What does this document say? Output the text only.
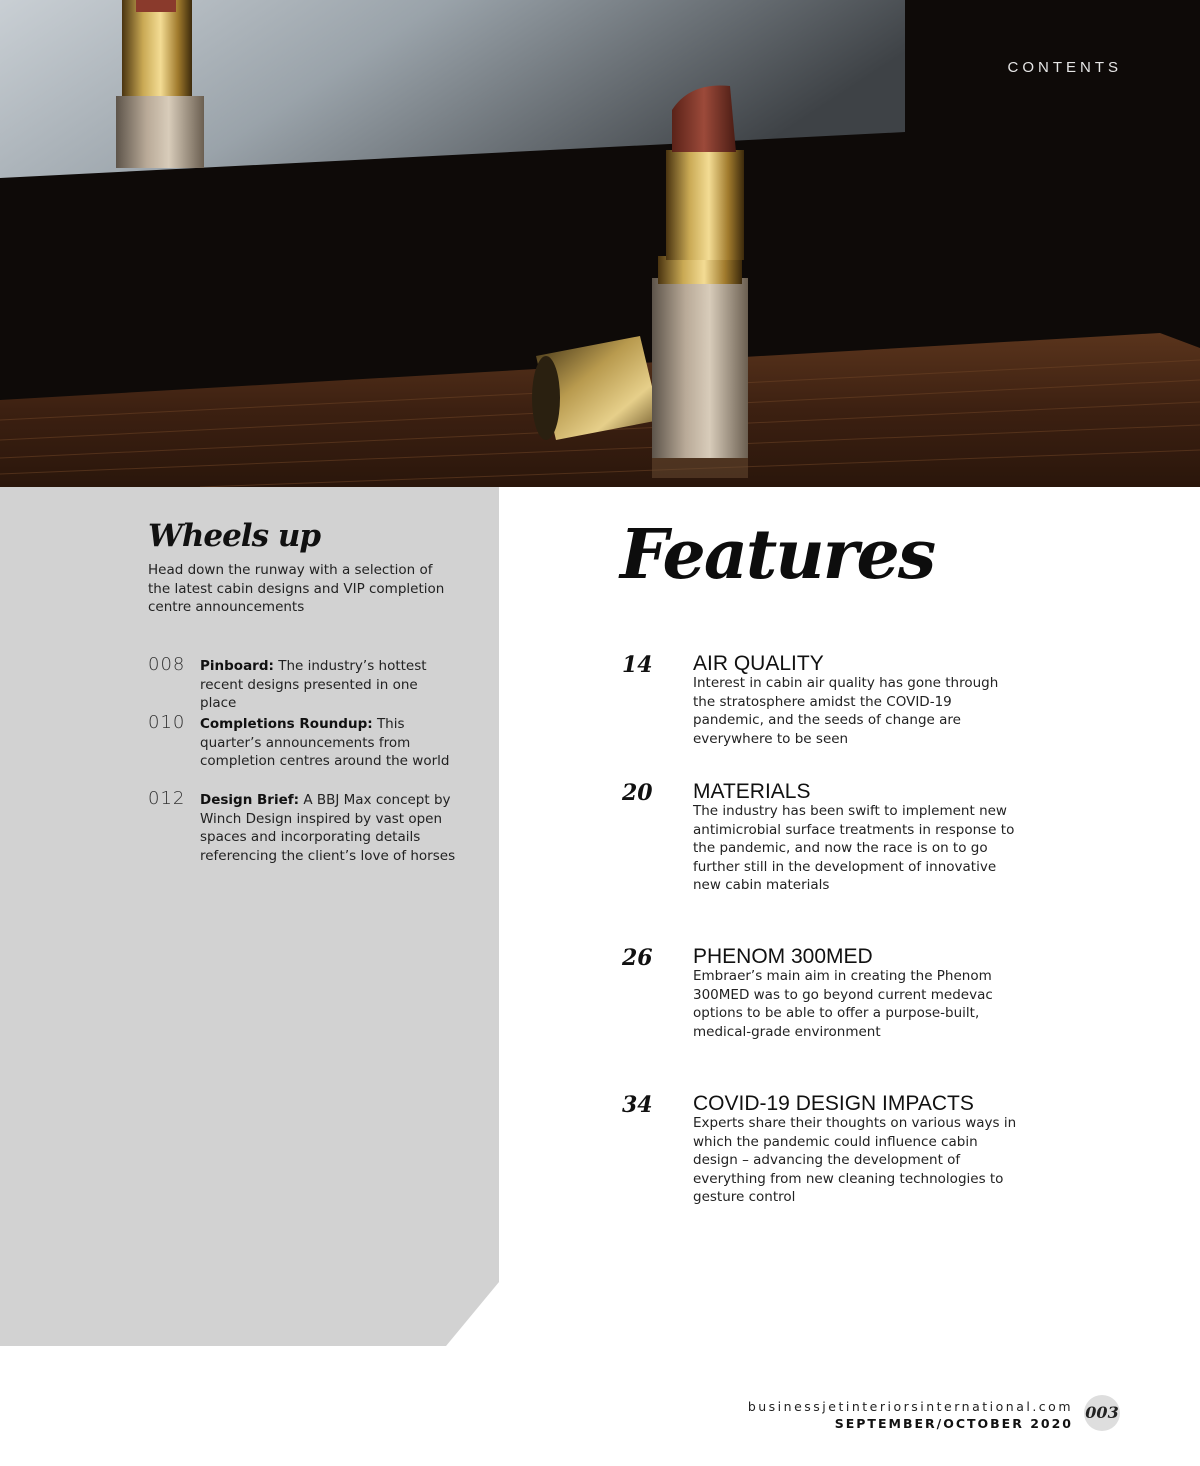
CONTENTS
Wheels up

Head down the runway with a selection of the latest cabin designs and VIP completion centre announcements

008 Pinboard: The industry’s hottest recent designs presented in one place

010 Completions Roundup: This quarter’s announcements from completion centres around the world

012 Design Brief: A BBJ Max concept by Winch Design inspired by vast open spaces and incorporating details referencing the client’s love of horses

Features
14 AIR QUALITY

Interest in cabin air quality has gone through the stratosphere amidst the COVID-19 pandemic, and the seeds of change are everywhere to be seen

20 MATERIALS

The industry has been swift to implement new antimicrobial surface treatments in response to the pandemic, and now the race is on to go further still in the development of innovative new cabin materials

26 PHENOM 300MED

Embraer’s main aim in creating the Phenom 300MED was to go beyond current medevac options to be able to offer a purpose-built, medical-grade environment

34 COVID-19 DESIGN IMPACTS

Experts share their thoughts on various ways in which the pandemic could influence cabin design – advancing the development of everything from new cleaning technologies to gesture control

businessjetinteriorsinternational.com
SEPTEMBER/OCTOBER 2020
003
